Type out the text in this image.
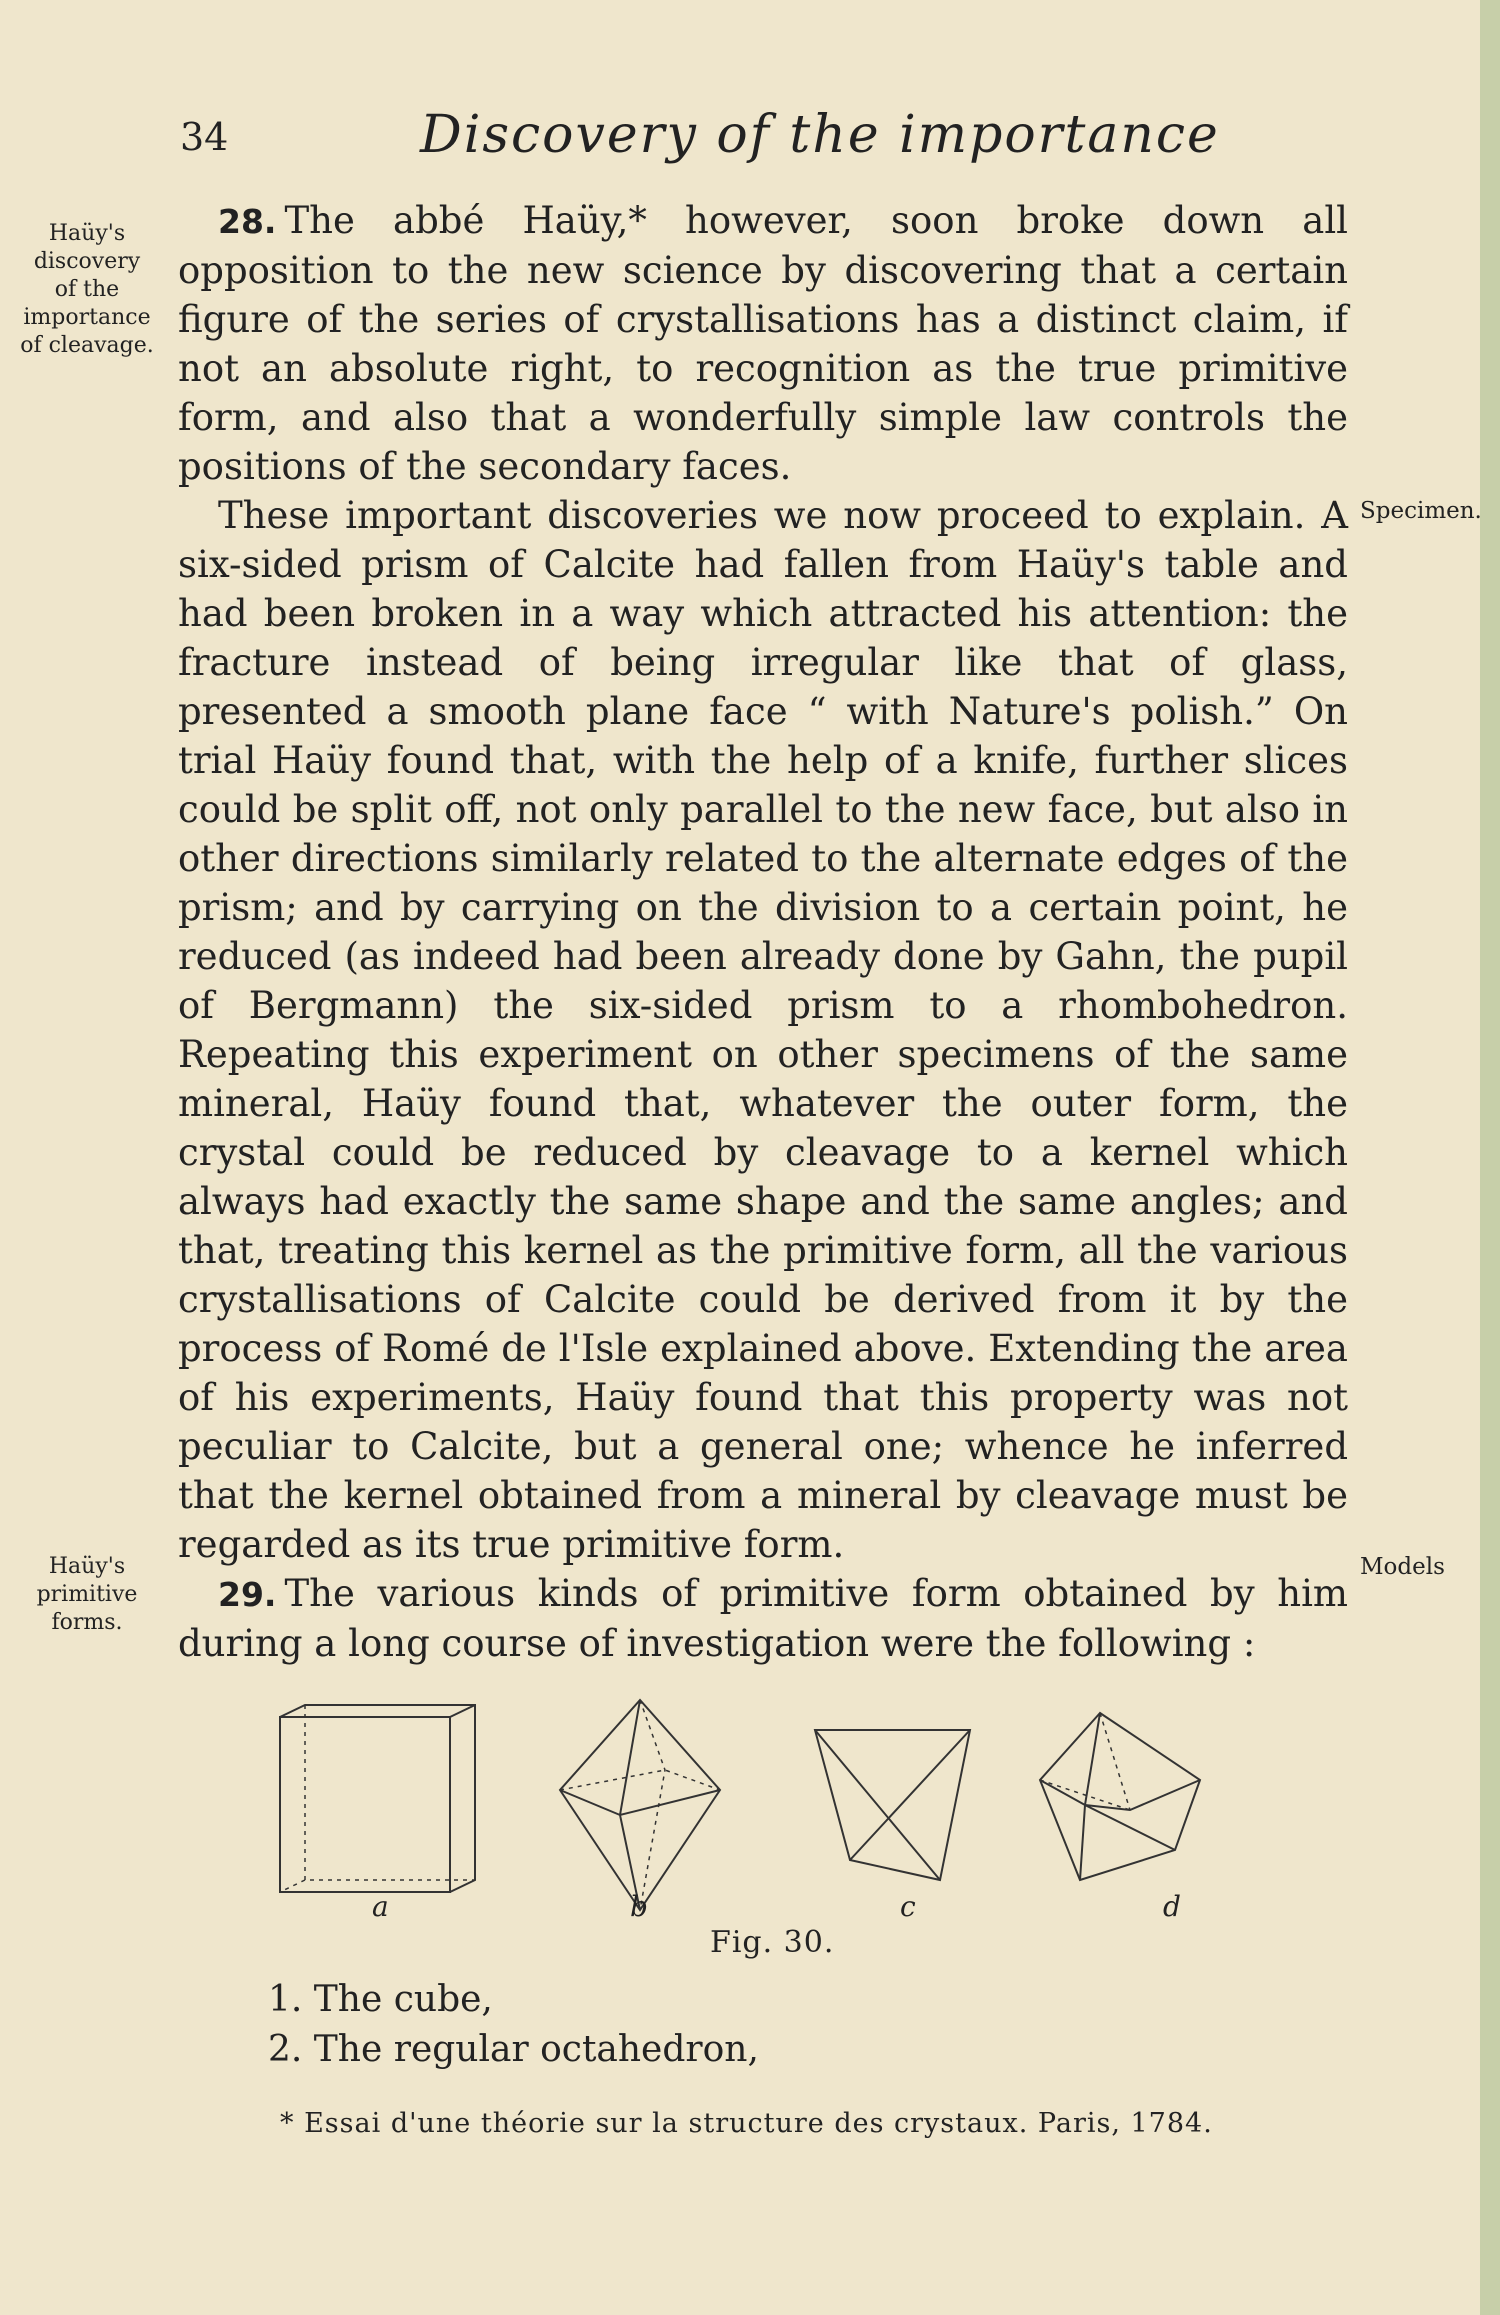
34	Discovery of the importance
Haüy's
discovery
of the
importance
of cleavage.
Specimen.
Haüy's
primitive
forms.
Models

28. The abbé Haüy,* however, soon broke down all opposition to the new science by discovering that a certain figure of the series of crystallisations has a distinct claim, if not an absolute right, to recognition as the true primitive form, and also that a wonderfully simple law controls the positions of the secondary faces.

These important discoveries we now proceed to explain. A six-sided prism of Calcite had fallen from Haüy's table and had been broken in a way which attracted his attention: the fracture instead of being irregular like that of glass, presented a smooth plane face “ with Nature's polish.” On trial Haüy found that, with the help of a knife, further slices could be split off, not only parallel to the new face, but also in other directions similarly related to the alternate edges of the prism; and by carrying on the division to a certain point, he reduced (as indeed had been already done by Gahn, the pupil of Bergmann) the six-sided prism to a rhombohedron. Repeating this experiment on other specimens of the same mineral, Haüy found that, whatever the outer form, the crystal could be reduced by cleavage to a kernel which always had exactly the same shape and the same angles; and that, treating this kernel as the primitive form, all the various crystallisations of Calcite could be derived from it by the process of Romé de l'Isle explained above. Extending the area of his experiments, Haüy found that this property was not peculiar to Calcite, but a general one; whence he inferred that the kernel obtained from a mineral by cleavage must be regarded as its true primitive form.

29. The various kinds of primitive form obtained by him during a long course of investigation were the following :

a	b	c	d
Fig. 30.
1. The cube,
2. The regular octahedron,
* Essai d'une théorie sur la structure des crystaux. Paris, 1784.
